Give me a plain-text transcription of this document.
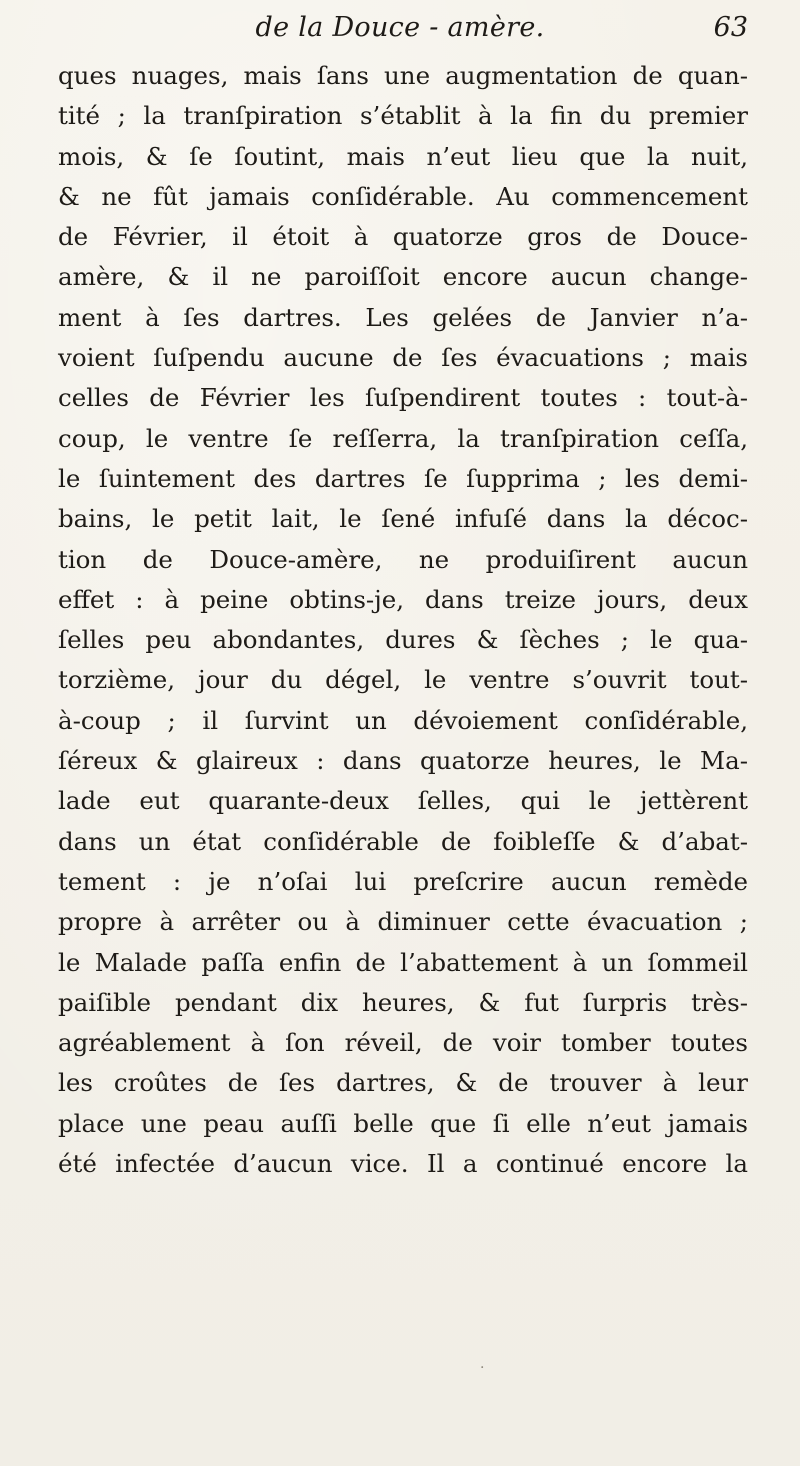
de la Douce - amère.	63
ques nuages, mais ſans une augmentation de quan-
tité ; la tranſpiration s’établit à la fin du premier
mois, & ſe ſoutint, mais n’eut lieu que la nuit,
& ne fût jamais conſidérable. Au commencement
de Février, il étoit à quatorze gros de Douce-
amère, & il ne paroiſſoit encore aucun change-
ment à ſes dartres. Les gelées de Janvier n’a-
voient ſuſpendu aucune de ſes évacuations ; mais
celles de Février les ſuſpendirent toutes : tout-à-
coup, le ventre ſe reſſerra, la tranſpiration ceſſa,
le ſuintement des dartres ſe ſupprima ; les demi-
bains, le petit lait, le ſené infuſé dans la décoc-
tion de Douce-amère, ne produiſirent aucun
effet : à peine obtins-je, dans treize jours, deux
ſelles peu abondantes, dures & ſèches ; le qua-
torzième, jour du dégel, le ventre s’ouvrit tout-
à-coup ; il ſurvint un dévoiement conſidérable,
ſéreux & glaireux : dans quatorze heures, le Ma-
lade eut quarante-deux ſelles, qui le jettèrent
dans un état conſidérable de foibleſſe & d’abat-
tement : je n’oſai lui preſcrire aucun remède
propre à arrêter ou à diminuer cette évacuation ;
le Malade paſſa enfin de l’abattement à un ſommeil
paiſible pendant dix heures, & fut ſurpris très-
agréablement à ſon réveil, de voir tomber toutes
les croûtes de ſes dartres, & de trouver à leur
place une peau auſſi belle que ſi elle n’eut jamais
été infectée d’aucun vice. Il a continué encore la
·
